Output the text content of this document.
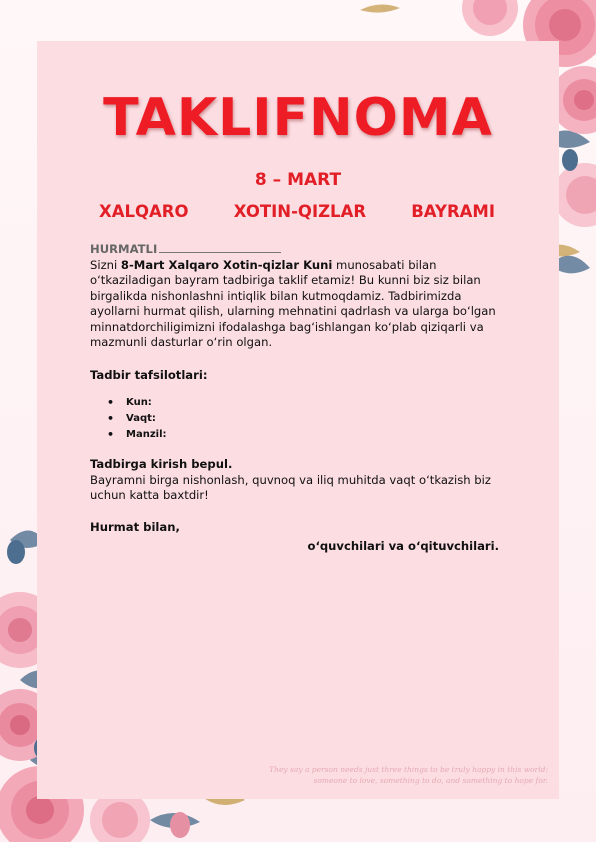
TAKLIFNOMA
8 – MART
XALQARO	XOTIN-QIZLAR	BAYRAMI

HURMATLI

Sizni 8-Mart Xalqaro Xotin-qizlar Kuni munosabati bilan o‘tkaziladigan bayram tadbiriga taklif etamiz! Bu kunni biz siz bilan birgalikda nishonlashni intiqlik bilan kutmoqdamiz. Tadbirimizda ayollarni hurmat qilish, ularning mehnatini qadrlash va ularga bo‘lgan minnatdorchiligimizni ifodalashga bag‘ishlangan ko‘plab qiziqarli va mazmunli dasturlar o‘rin olgan.

Tadbir tafsilotlari:

• Kun:
• Vaqt:
• Manzil:

Tadbirga kirish bepul.

Bayramni birga nishonlash, quvnoq va iliq muhitda vaqt o‘tkazish biz uchun katta baxtdir!

Hurmat bilan,

o‘quvchilari va o‘qituvchilari.

They say a person needs just three things to be truly happy in this world: someone to love, something to do, and something to hope for.
